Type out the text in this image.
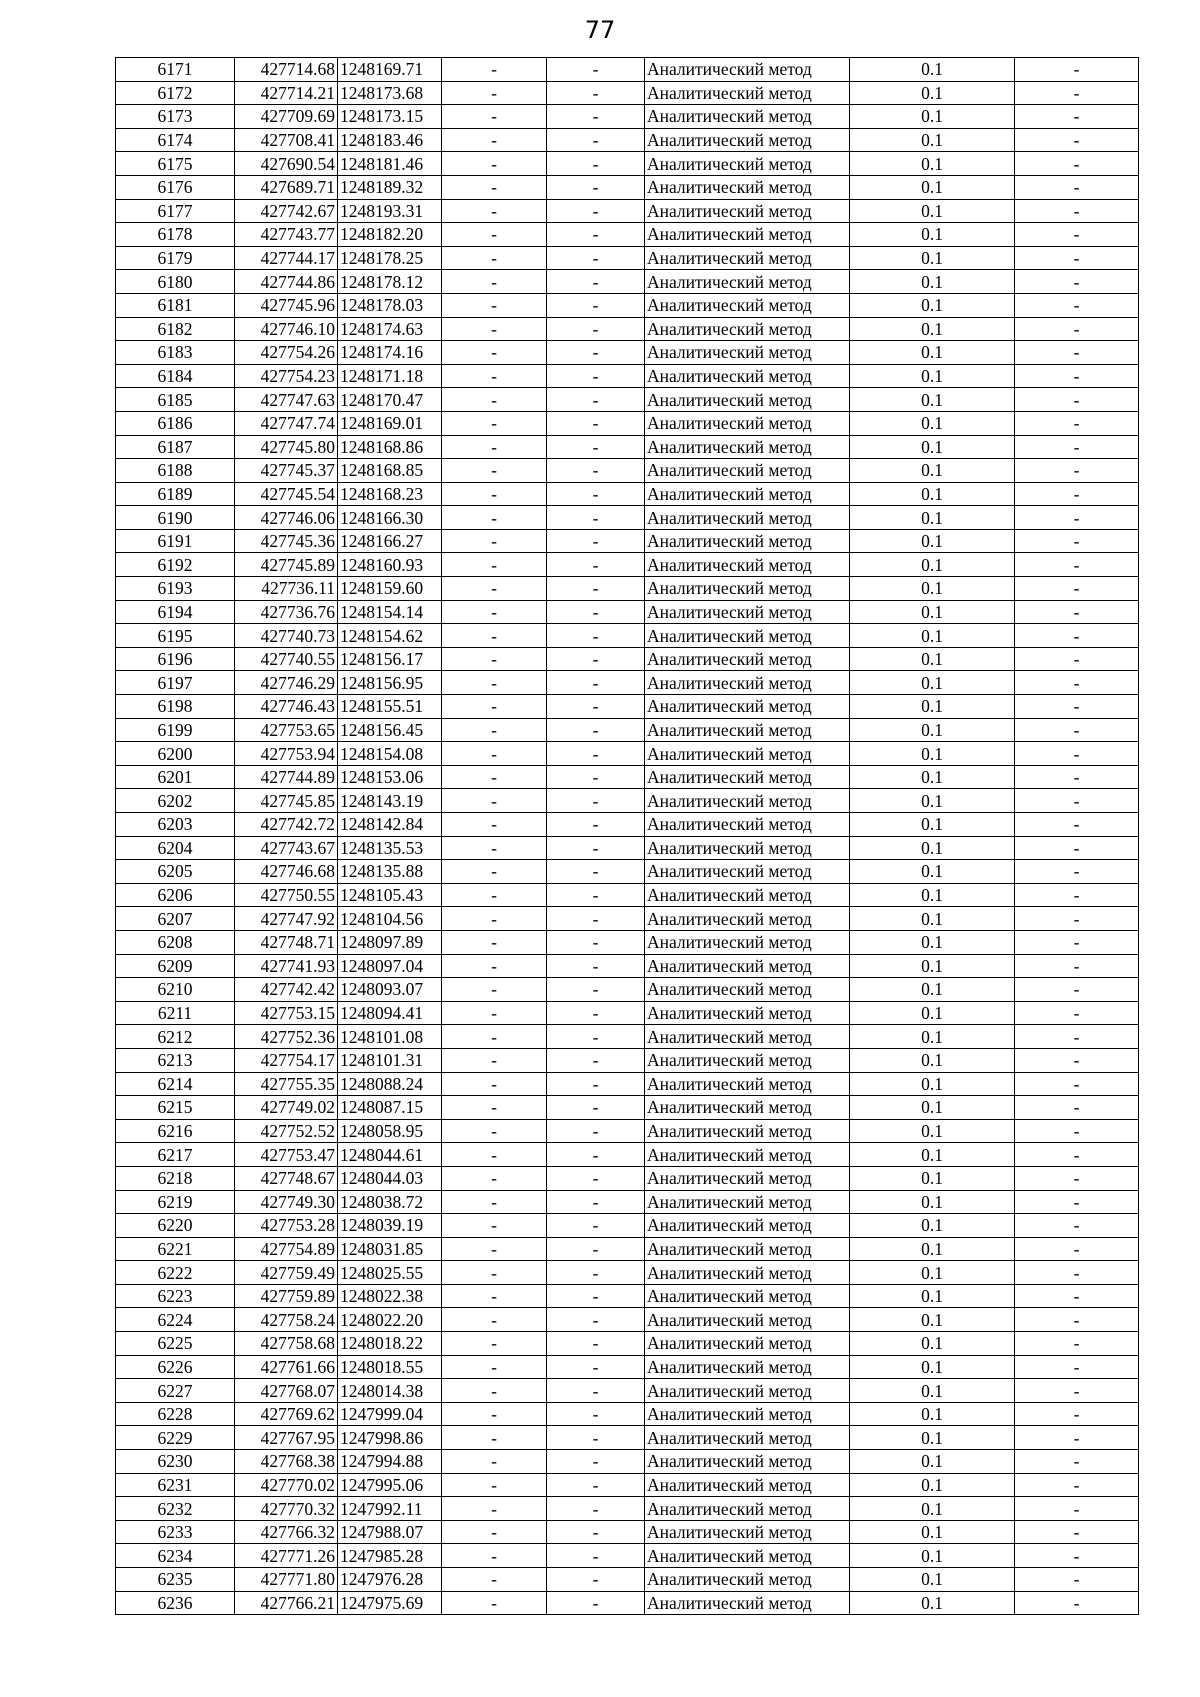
77
6171	427714.68	1248169.71	-	-	Аналитический метод	0.1	-
6172	427714.21	1248173.68	-	-	Аналитический метод	0.1	-
6173	427709.69	1248173.15	-	-	Аналитический метод	0.1	-
6174	427708.41	1248183.46	-	-	Аналитический метод	0.1	-
6175	427690.54	1248181.46	-	-	Аналитический метод	0.1	-
6176	427689.71	1248189.32	-	-	Аналитический метод	0.1	-
6177	427742.67	1248193.31	-	-	Аналитический метод	0.1	-
6178	427743.77	1248182.20	-	-	Аналитический метод	0.1	-
6179	427744.17	1248178.25	-	-	Аналитический метод	0.1	-
6180	427744.86	1248178.12	-	-	Аналитический метод	0.1	-
6181	427745.96	1248178.03	-	-	Аналитический метод	0.1	-
6182	427746.10	1248174.63	-	-	Аналитический метод	0.1	-
6183	427754.26	1248174.16	-	-	Аналитический метод	0.1	-
6184	427754.23	1248171.18	-	-	Аналитический метод	0.1	-
6185	427747.63	1248170.47	-	-	Аналитический метод	0.1	-
6186	427747.74	1248169.01	-	-	Аналитический метод	0.1	-
6187	427745.80	1248168.86	-	-	Аналитический метод	0.1	-
6188	427745.37	1248168.85	-	-	Аналитический метод	0.1	-
6189	427745.54	1248168.23	-	-	Аналитический метод	0.1	-
6190	427746.06	1248166.30	-	-	Аналитический метод	0.1	-
6191	427745.36	1248166.27	-	-	Аналитический метод	0.1	-
6192	427745.89	1248160.93	-	-	Аналитический метод	0.1	-
6193	427736.11	1248159.60	-	-	Аналитический метод	0.1	-
6194	427736.76	1248154.14	-	-	Аналитический метод	0.1	-
6195	427740.73	1248154.62	-	-	Аналитический метод	0.1	-
6196	427740.55	1248156.17	-	-	Аналитический метод	0.1	-
6197	427746.29	1248156.95	-	-	Аналитический метод	0.1	-
6198	427746.43	1248155.51	-	-	Аналитический метод	0.1	-
6199	427753.65	1248156.45	-	-	Аналитический метод	0.1	-
6200	427753.94	1248154.08	-	-	Аналитический метод	0.1	-
6201	427744.89	1248153.06	-	-	Аналитический метод	0.1	-
6202	427745.85	1248143.19	-	-	Аналитический метод	0.1	-
6203	427742.72	1248142.84	-	-	Аналитический метод	0.1	-
6204	427743.67	1248135.53	-	-	Аналитический метод	0.1	-
6205	427746.68	1248135.88	-	-	Аналитический метод	0.1	-
6206	427750.55	1248105.43	-	-	Аналитический метод	0.1	-
6207	427747.92	1248104.56	-	-	Аналитический метод	0.1	-
6208	427748.71	1248097.89	-	-	Аналитический метод	0.1	-
6209	427741.93	1248097.04	-	-	Аналитический метод	0.1	-
6210	427742.42	1248093.07	-	-	Аналитический метод	0.1	-
6211	427753.15	1248094.41	-	-	Аналитический метод	0.1	-
6212	427752.36	1248101.08	-	-	Аналитический метод	0.1	-
6213	427754.17	1248101.31	-	-	Аналитический метод	0.1	-
6214	427755.35	1248088.24	-	-	Аналитический метод	0.1	-
6215	427749.02	1248087.15	-	-	Аналитический метод	0.1	-
6216	427752.52	1248058.95	-	-	Аналитический метод	0.1	-
6217	427753.47	1248044.61	-	-	Аналитический метод	0.1	-
6218	427748.67	1248044.03	-	-	Аналитический метод	0.1	-
6219	427749.30	1248038.72	-	-	Аналитический метод	0.1	-
6220	427753.28	1248039.19	-	-	Аналитический метод	0.1	-
6221	427754.89	1248031.85	-	-	Аналитический метод	0.1	-
6222	427759.49	1248025.55	-	-	Аналитический метод	0.1	-
6223	427759.89	1248022.38	-	-	Аналитический метод	0.1	-
6224	427758.24	1248022.20	-	-	Аналитический метод	0.1	-
6225	427758.68	1248018.22	-	-	Аналитический метод	0.1	-
6226	427761.66	1248018.55	-	-	Аналитический метод	0.1	-
6227	427768.07	1248014.38	-	-	Аналитический метод	0.1	-
6228	427769.62	1247999.04	-	-	Аналитический метод	0.1	-
6229	427767.95	1247998.86	-	-	Аналитический метод	0.1	-
6230	427768.38	1247994.88	-	-	Аналитический метод	0.1	-
6231	427770.02	1247995.06	-	-	Аналитический метод	0.1	-
6232	427770.32	1247992.11	-	-	Аналитический метод	0.1	-
6233	427766.32	1247988.07	-	-	Аналитический метод	0.1	-
6234	427771.26	1247985.28	-	-	Аналитический метод	0.1	-
6235	427771.80	1247976.28	-	-	Аналитический метод	0.1	-
6236	427766.21	1247975.69	-	-	Аналитический метод	0.1	-
